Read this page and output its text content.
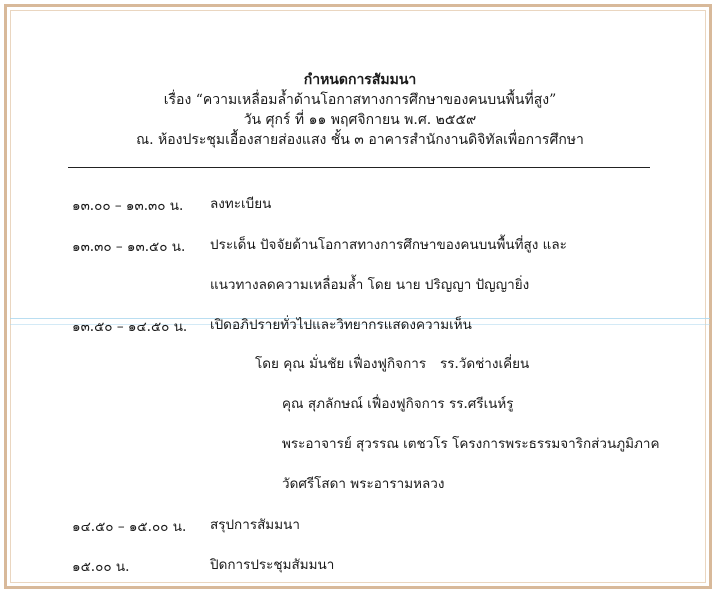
กำหนดการสัมมนา
เรื่อง “ความเหลื่อมล้ำด้านโอกาสทางการศึกษาของคนบนพื้นที่สูง”
วัน ศุกร์ ที่ ๑๑ พฤศจิกายน พ.ศ. ๒๕๕๙
ณ. ห้องประชุมเอื้องสายส่องแสง ชั้น ๓ อาคารสำนักงานดิจิทัลเพื่อการศึกษา
๑๓.๐๐ – ๑๓.๓๐ น. ลงทะเบียน
๑๓.๓๐ – ๑๓.๕๐ น. ประเด็น ปัจจัยด้านโอกาสทางการศึกษาของคนบนพื้นที่สูง และ
แนวทางลดความเหลื่อมล้ำ โดย นาย ปริญญา ปัญญายิ่ง
๑๓.๕๐ – ๑๔.๕๐ น. เปิดอภิปรายทั่วไปและวิทยากรแสดงความเห็น
โดย คุณ มั่นชัย เฟื่องฟูกิจการ รร.วัดช่างเคี่ยน
คุณ สุภลักษณ์ เฟื่องฟูกิจการ รร.ศรีเนห์รู
พระอาจารย์ สุวรรณ เตชวโร โครงการพระธรรมจาริกส่วนภูมิภาค
วัดศรีโสดา พระอารามหลวง
๑๔.๕๐ – ๑๕.๐๐ น. สรุปการสัมมนา
๑๕.๐๐ น.	ปิดการประชุมสัมมนา
